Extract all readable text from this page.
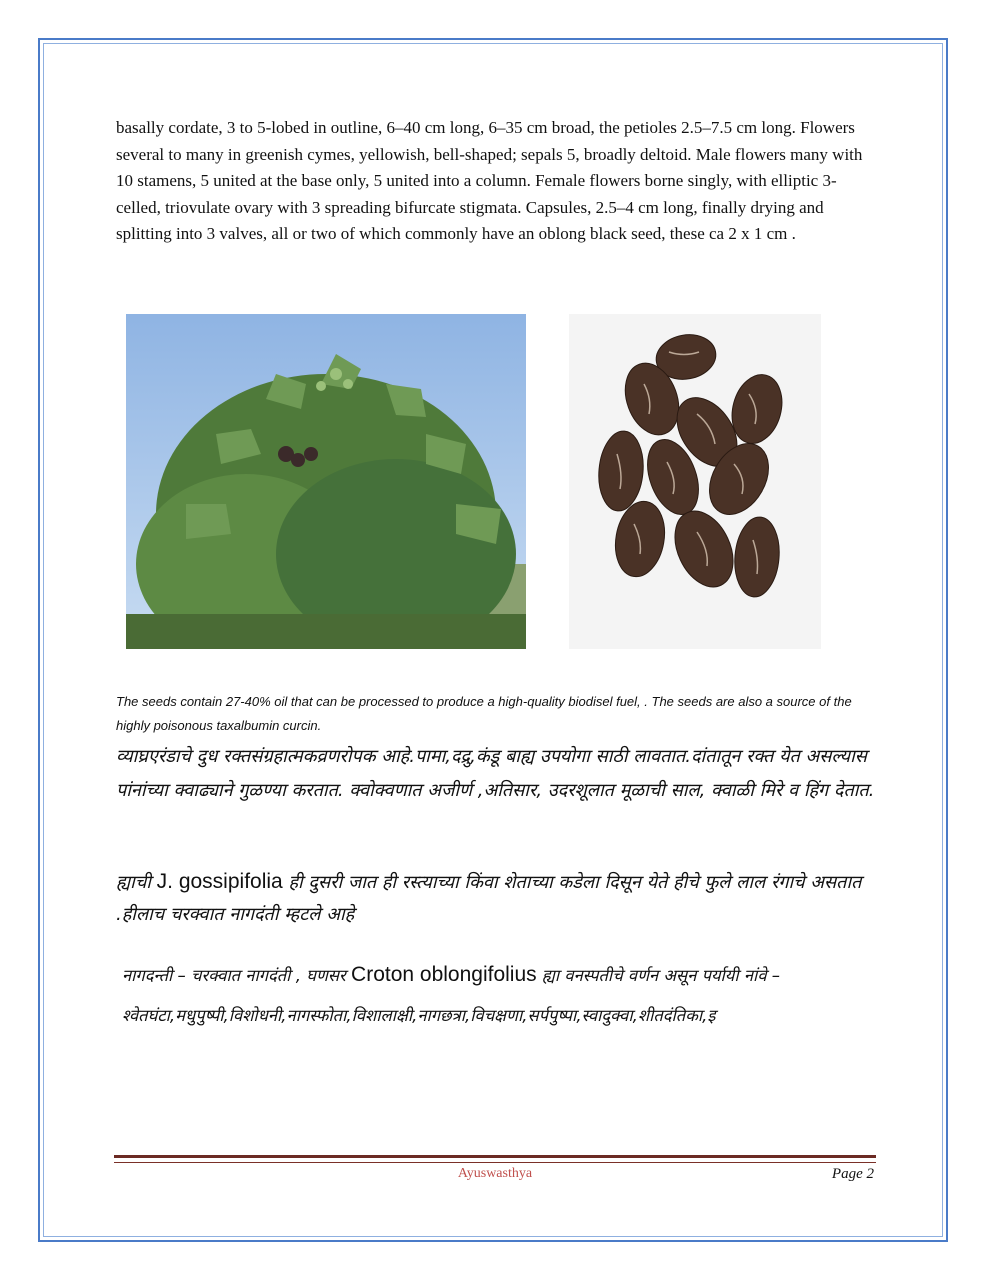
basally cordate, 3 to 5-lobed in outline, 6–40 cm long, 6–35 cm broad, the petioles 2.5–7.5 cm long. Flowers several to many in greenish cymes, yellowish, bell-shaped; sepals 5, broadly deltoid. Male flowers many with 10 stamens, 5 united at the base only, 5 united into a column. Female flowers borne singly, with elliptic 3-celled, triovulate ovary with 3 spreading bifurcate stigmata. Capsules, 2.5–4 cm long, finally drying and splitting into 3 valves, all or two of which commonly have an oblong black seed, these ca 2 x 1 cm .

The seeds contain 27-40% oil that can be processed to produce a high-quality biodisel fuel, . The seeds are also a source of the highly poisonous taxalbumin curcin.

व्याघ्रएरंडाचे दुध रक्तसंग्रहात्मकव्रणरोपक आहे.पामा,दद्रु,कंडू बाह्य उपयोगा साठी लावतात.दांतातून रक्त येत असल्यास पांनांच्या क्वाढ्याने गुळण्या करतात. क्वोक्वणात अजीर्ण ,अतिसार, उदरशूलात मूळाची साल, क्वाळी मिरे व हिंग देतात.

ह्याची J. gossipifolia ही दुसरी जात ही रस्त्याच्या किंवा शेताच्या कडेला दिसून येते हीचे फुले लाल रंगाचे असतात .हीलाच चरक्वात नागदंती म्हटले आहे

नागदन्ती – चरक्वात नागदंती , घणसर Croton oblongifolius ह्या वनस्पतीचे वर्णन असून पर्यायी नांवे – श्वेतघंटा,मधुपुष्पी,विशोधनी,नागस्फोता,विशालाक्षी,नागछत्रा,विचक्षणा,सर्पपुष्पा,स्वादुक्वा,शीतदंतिका,इ

Ayuswasthya	Page 2
